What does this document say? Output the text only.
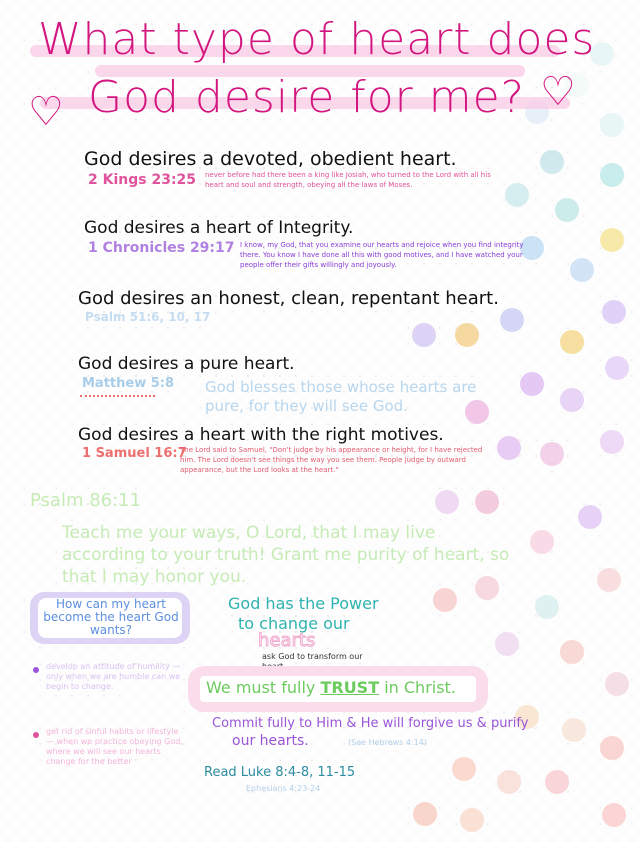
What type of heart does
God desire for me?
♡	♡
God desires a devoted, obedient heart.
2 Kings 23:25 never before had there been a king like Josiah, who turned to the Lord with all his heart and soul and strength, obeying all the laws of Moses.
God desires a heart of Integrity.
1 Chronicles 29:17 I know, my God, that you examine our hearts and rejoice when you find integrity there. You know I have done all this with good motives, and I have watched your people offer their gifts willingly and joyously.
God desires an honest, clean, repentant heart.
Psalm 51:6, 10, 17
God desires a pure heart.
Matthew 5:8 God blesses those whose hearts are pure, for they will see God.
God desires a heart with the right motives.
1 Samuel 16:7
The Lord said to Samuel, "Don't judge by his appearance or height, for I have rejected him. The Lord doesn't see things the way you see them. People judge by outward appearance, but the Lord looks at the heart."
Psalm 86:11
Teach me your ways, O Lord, that I may live according to your truth! Grant me purity of heart, so that I may honor you.
How can my heart become the heart God wants?
God has the Power
to change our
hearts
ask God to transform our
develop an attitude of humility — only when we are humble can we begin to change.
get rid of sinful habits or lifestyle — when we practice obeying God, where we will see our hearts change for the better
We must fully TRUST in Christ.
Commit fully to Him & He will forgive us & purify
our hearts.	(See Hebrews 4:14)
Read Luke 8:4-8, 11-15
Ephesians 4:23-24
